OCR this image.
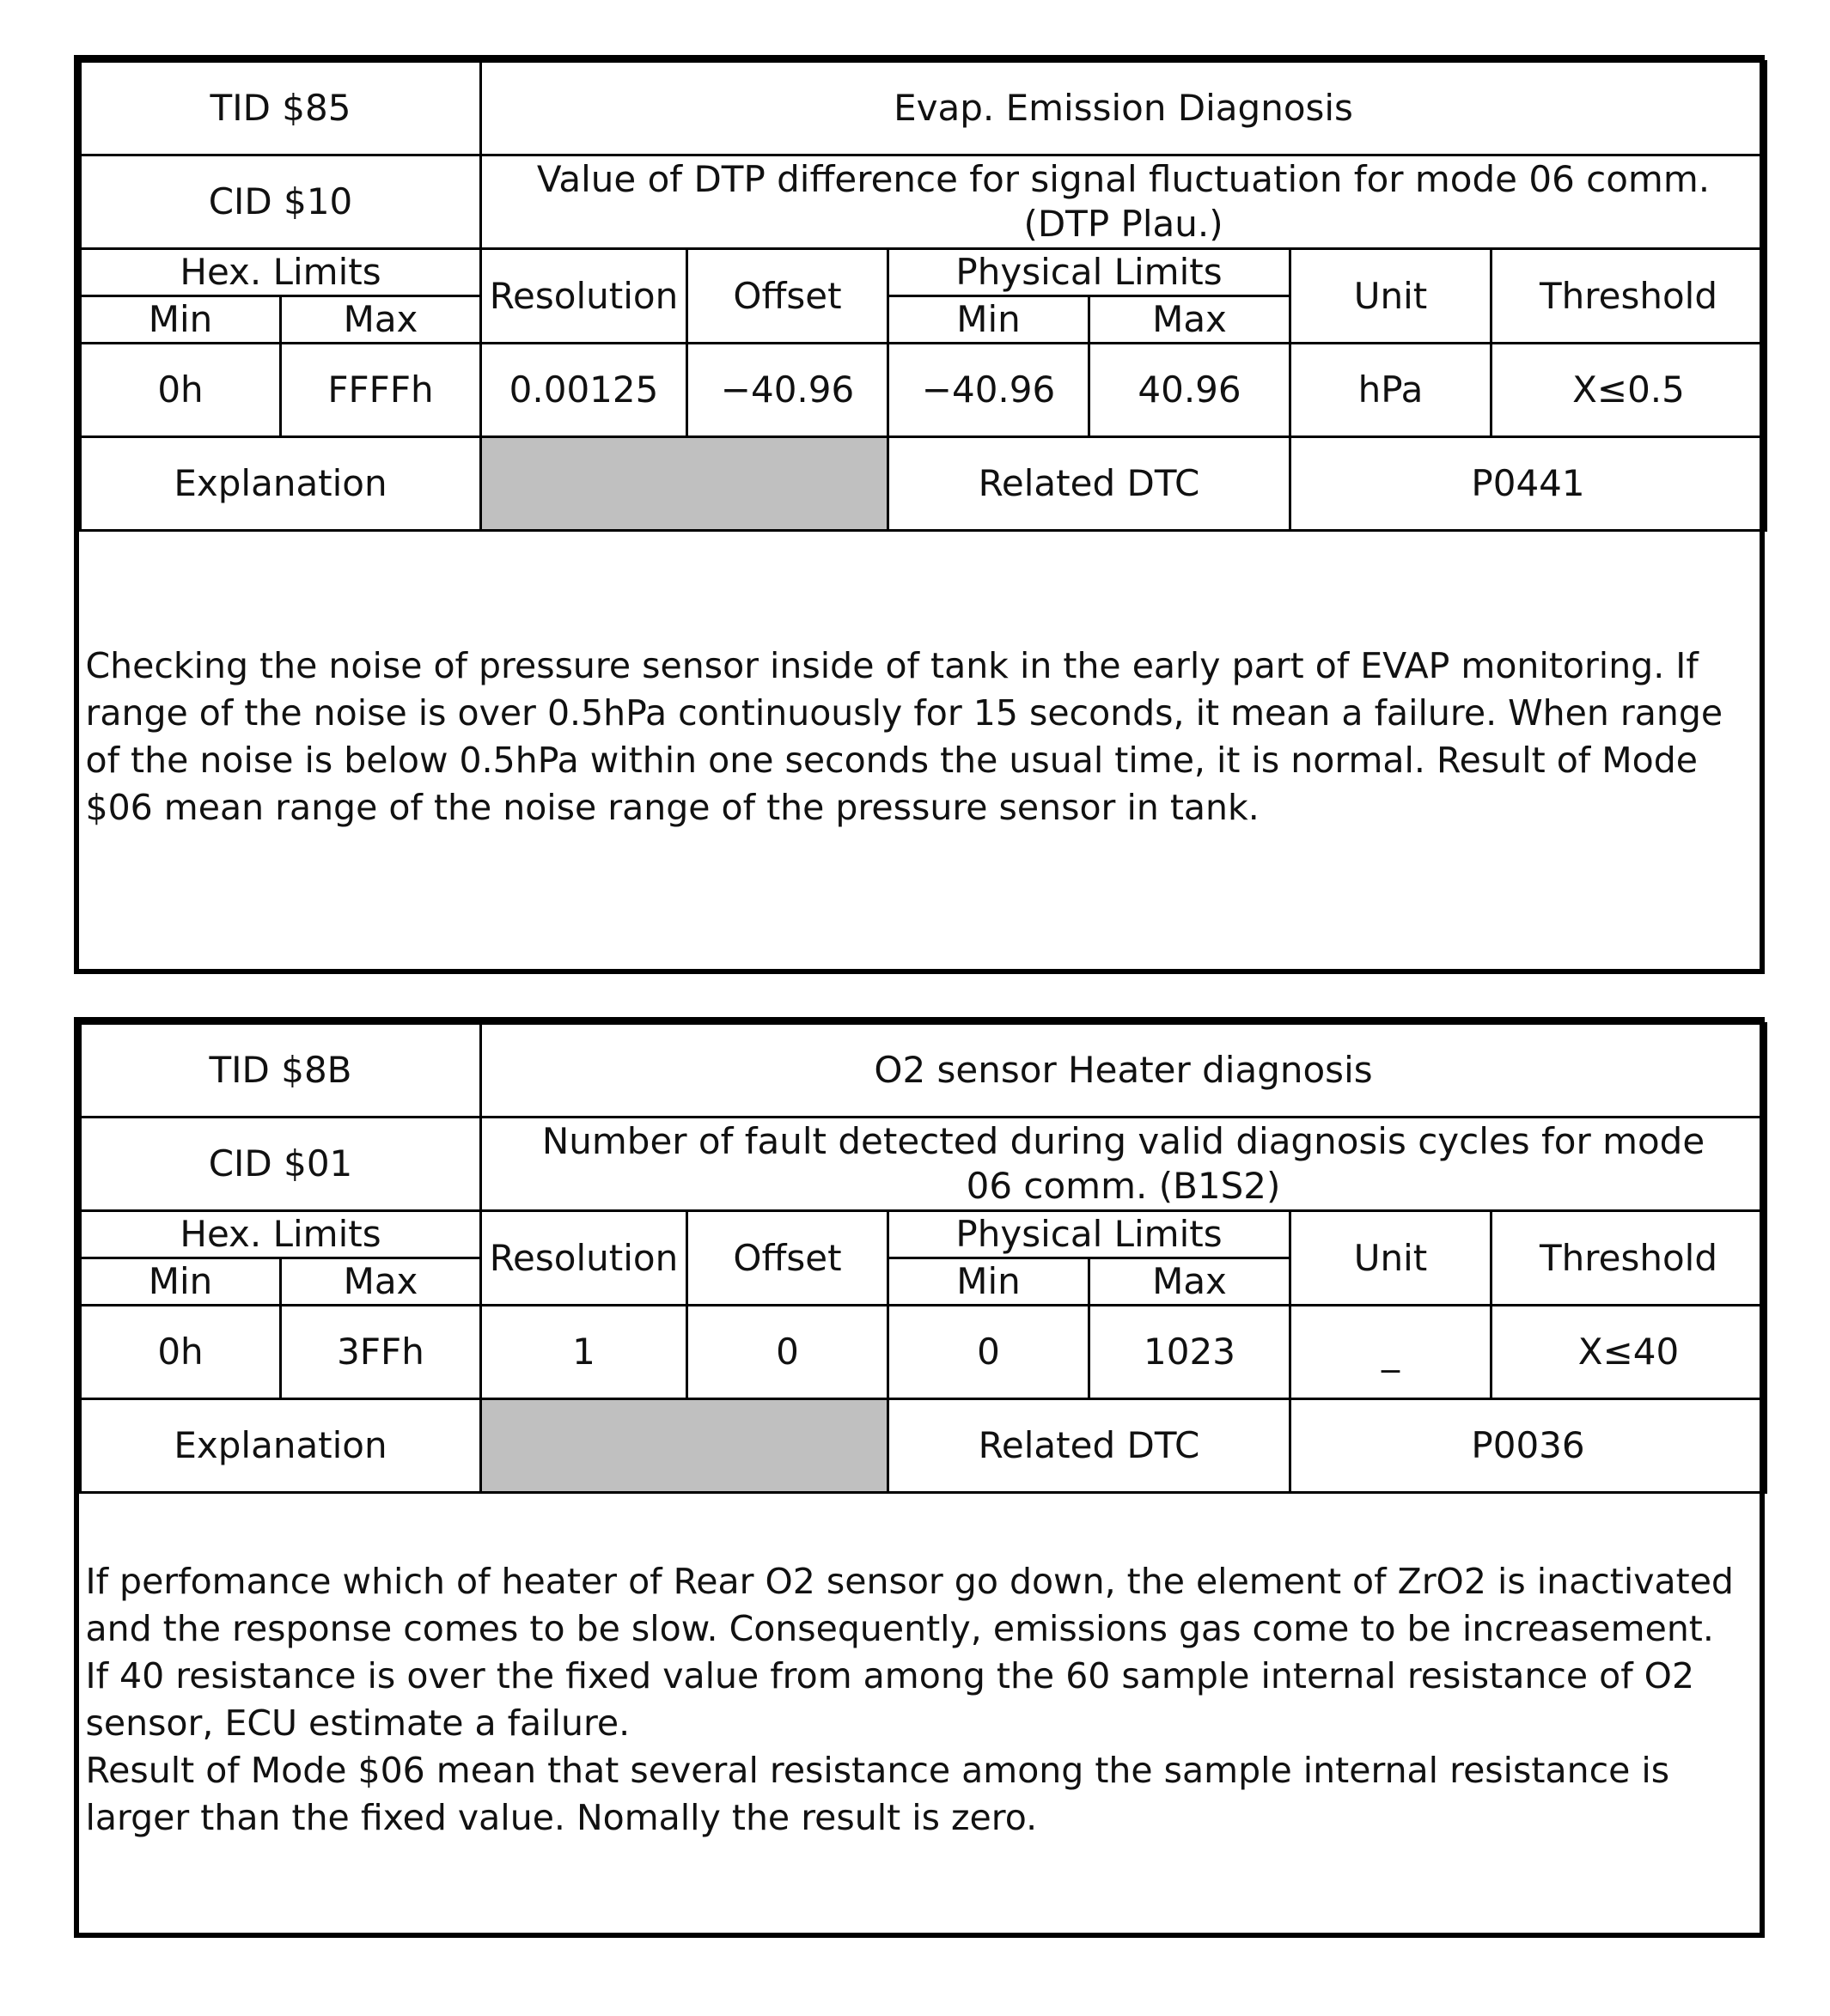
TID $85		Evap. Emission Diagnosis					
CID $10		Value of DTP difference for signal fluctuation for mode 06 comm.
(DTP Plau.)					
Hex. Limits		Resolution	Offset	Physical Limits		Unit	Threshold
Min	Max			Min	Max		
0h	FFFFh	0.00125	−40.96	−40.96	40.96	hPa	X≤0.5
Explanation				Related DTC		P0441	
Checking the noise of pressure sensor inside of tank in the early part of EVAP monitoring. If range of the noise is over 0.5hPa continuously for 15 seconds, it mean a failure. When range of the noise is below 0.5hPa within one seconds the usual time, it is normal. Result of Mode $06 mean range of the noise range of the pressure sensor in tank.							
TID $8B		O2 sensor Heater diagnosis					
CID $01		Number of fault detected during valid diagnosis cycles for mode 06 comm. (B1S2)					
Hex. Limits		Resolution	Offset	Physical Limits		Unit	Threshold
Min	Max			Min	Max		
0h	3FFh	1	0	0	1023	_	X≤40
Explanation				Related DTC		P0036	
If perfomance which of heater of Rear O2 sensor go down, the element of ZrO2 is inactivated and the response comes to be slow. Consequently, emissions gas come to be increasement.
If 40 resistance is over the fixed value from among the 60 sample internal resistance of O2 sensor, ECU estimate a failure.
Result of Mode $06 mean that several resistance among the sample internal resistance is larger than the fixed value. Nomally the result is zero.							
